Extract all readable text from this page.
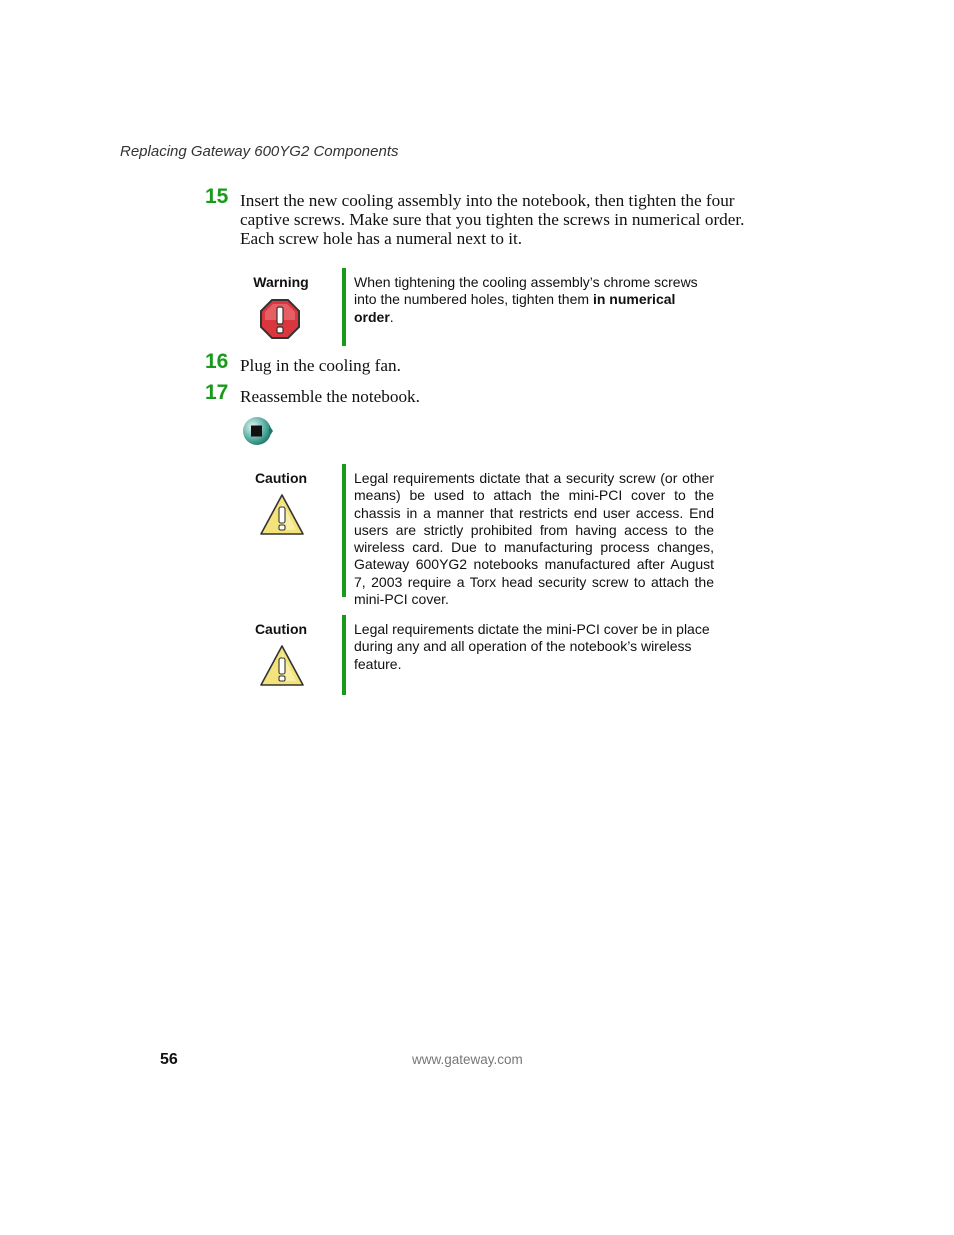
Replacing Gateway 600YG2 Components
15 Insert the new cooling assembly into the notebook, then tighten the four captive screws. Make sure that you tighten the screws in numerical order. Each screw hole has a numeral next to it.
Warning	When tightening the cooling assembly’s chrome screws into the numbered holes, tighten them in numerical order.
16 Plug in the cooling fan.
17 Reassemble the notebook.
Caution	Legal requirements dictate that a security screw (or other means) be used to attach the mini-PCI cover to the chassis in a manner that restricts end user access. End users are strictly prohibited from having access to the wireless card. Due to manufacturing process changes, Gateway 600YG2 notebooks manufactured after August 7, 2003 require a Torx head security screw to attach the mini-PCI cover.
Caution	Legal requirements dictate the mini-PCI cover be in place during any and all operation of the notebook’s wireless feature.
56	www.gateway.com
